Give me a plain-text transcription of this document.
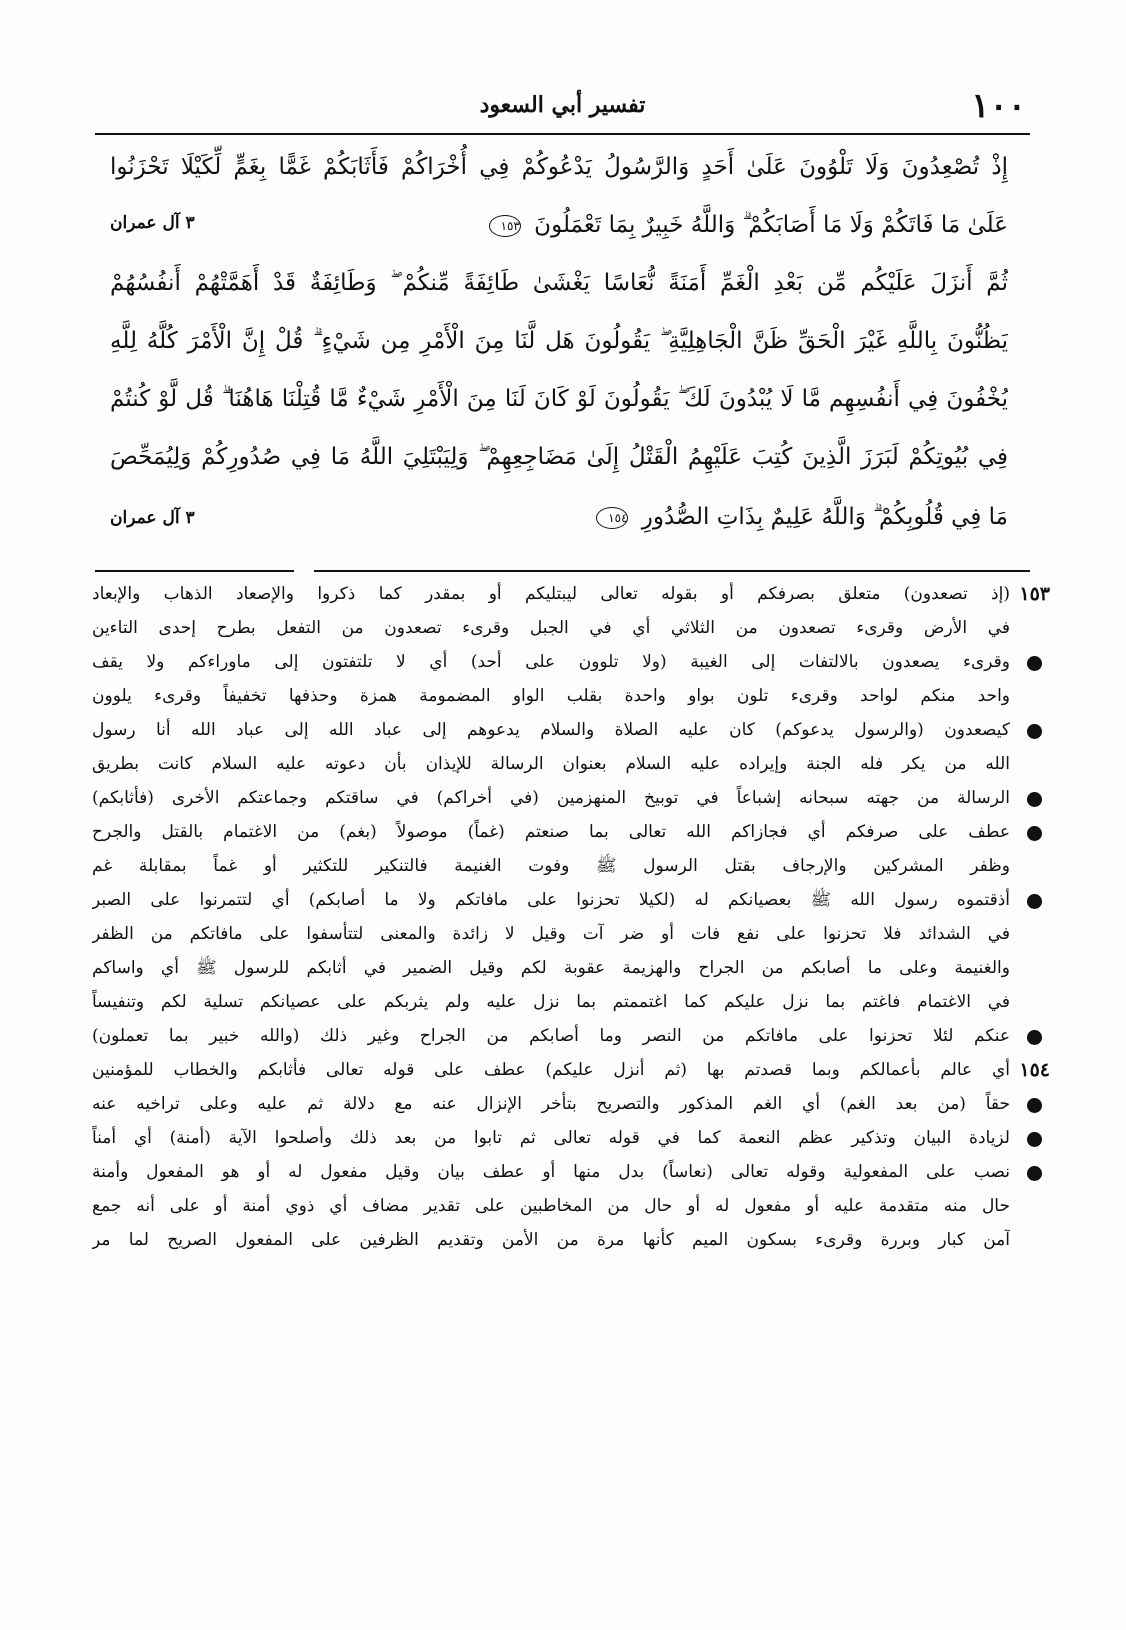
١٠٠
تفسير أبي السعود
إِذْ تُصْعِدُونَ وَلَا تَلْوُونَ عَلَىٰ أَحَدٍ وَالرَّسُولُ يَدْعُوكُمْ فِي أُخْرَاكُمْ فَأَثَابَكُمْ غَمًّا بِغَمٍّ لِّكَيْلَا تَحْزَنُوا
عَلَىٰ مَا فَاتَكُمْ وَلَا مَا أَصَابَكُمْ ۗ وَاللَّهُ خَبِيرٌ بِمَا تَعْمَلُونَ ١٥٣
٣ آل عمران
ثُمَّ أَنزَلَ عَلَيْكُم مِّن بَعْدِ الْغَمِّ أَمَنَةً نُّعَاسًا يَغْشَىٰ طَائِفَةً مِّنكُمْ ۖ وَطَائِفَةٌ قَدْ أَهَمَّتْهُمْ أَنفُسُهُمْ
يَظُنُّونَ بِاللَّهِ غَيْرَ الْحَقِّ ظَنَّ الْجَاهِلِيَّةِ ۖ يَقُولُونَ هَل لَّنَا مِنَ الْأَمْرِ مِن شَيْءٍ ۗ قُلْ إِنَّ الْأَمْرَ كُلَّهُ لِلَّهِ
يُخْفُونَ فِي أَنفُسِهِم مَّا لَا يُبْدُونَ لَكَ ۖ يَقُولُونَ لَوْ كَانَ لَنَا مِنَ الْأَمْرِ شَيْءٌ مَّا قُتِلْنَا هَاهُنَا ۗ قُل لَّوْ كُنتُمْ
فِي بُيُوتِكُمْ لَبَرَزَ الَّذِينَ كُتِبَ عَلَيْهِمُ الْقَتْلُ إِلَىٰ مَضَاجِعِهِمْ ۖ وَلِيَبْتَلِيَ اللَّهُ مَا فِي صُدُورِكُمْ وَلِيُمَحِّصَ
مَا فِي قُلُوبِكُمْ ۗ وَاللَّهُ عَلِيمٌ بِذَاتِ الصُّدُورِ ١٥٤
٣ آل عمران
١٥٣
(إذ تصعدون) متعلق بصرفكم أو بقوله تعالى ليبتليكم أو بمقدر كما ذكروا والإصعاد الذهاب والإبعاد
في الأرض وقرىء تصعدون من الثلاثي أي في الجبل وقرىء تصعدون من التفعل بطرح إحدى التاءين
وقرىء يصعدون بالالتفات إلى الغيبة (ولا تلوون على أحد) أي لا تلتفتون إلى ماوراءكم ولا يقف
واحد منكم لواحد وقرىء تلون بواو واحدة بقلب الواو المضمومة همزة وحذفها تخفيفاً وقرىء يلوون
كيصعدون (والرسول يدعوكم) كان عليه الصلاة والسلام يدعوهم إلى عباد الله إلى عباد الله أنا رسول
الله من يكر فله الجنة وإيراده عليه السلام بعنوان الرسالة للإيذان بأن دعوته عليه السلام كانت بطريق
الرسالة من جهته سبحانه إشباعاً في توبيخ المنهزمين (في أخراكم) في ساقتكم وجماعتكم الأخرى (فأثابكم)
عطف على صرفكم أي فجازاكم الله تعالى بما صنعتم (غماً) موصولاً (بغم) من الاغتمام بالقتل والجرح
وظفر المشركين والإرجاف بقتل الرسول ﷺ وفوت الغنيمة فالتنكير للتكثير أو غماً بمقابلة غم
أذقتموه رسول الله ﷺ بعصيانكم له (لكيلا تحزنوا على مافاتكم ولا ما أصابكم) أي لتتمرنوا على الصبر
في الشدائد فلا تحزنوا على نفع فات أو ضر آت وقيل لا زائدة والمعنى لتتأسفوا على مافاتكم من الظفر
والغنيمة وعلى ما أصابكم من الجراح والهزيمة عقوبة لكم وقيل الضمير في أثابكم للرسول ﷺ أي واساكم
في الاغتمام فاغتم بما نزل عليكم كما اغتممتم بما نزل عليه ولم يثربكم على عصيانكم تسلية لكم وتنفيساً
عنكم لئلا تحزنوا على مافاتكم من النصر وما أصابكم من الجراح وغير ذلك (والله خبير بما تعملون)
١٥٤
أي عالم بأعمالكم وبما قصدتم بها (ثم أنزل عليكم) عطف على قوله تعالى فأثابكم والخطاب للمؤمنين
حقاً (من بعد الغم) أي الغم المذكور والتصريح بتأخر الإنزال عنه مع دلالة ثم عليه وعلى تراخيه عنه
لزيادة البيان وتذكير عظم النعمة كما في قوله تعالى ثم تابوا من بعد ذلك وأصلحوا الآية (أمنة) أي أمناً
نصب على المفعولية وقوله تعالى (نعاساً) بدل منها أو عطف بيان وقيل مفعول له أو هو المفعول وأمنة
حال منه متقدمة عليه أو مفعول له أو حال من المخاطبين على تقدير مضاف أي ذوي أمنة أو على أنه جمع
آمن كبار وبررة وقرىء بسكون الميم كأنها مرة من الأمن وتقديم الظرفين على المفعول الصريح لما مر
